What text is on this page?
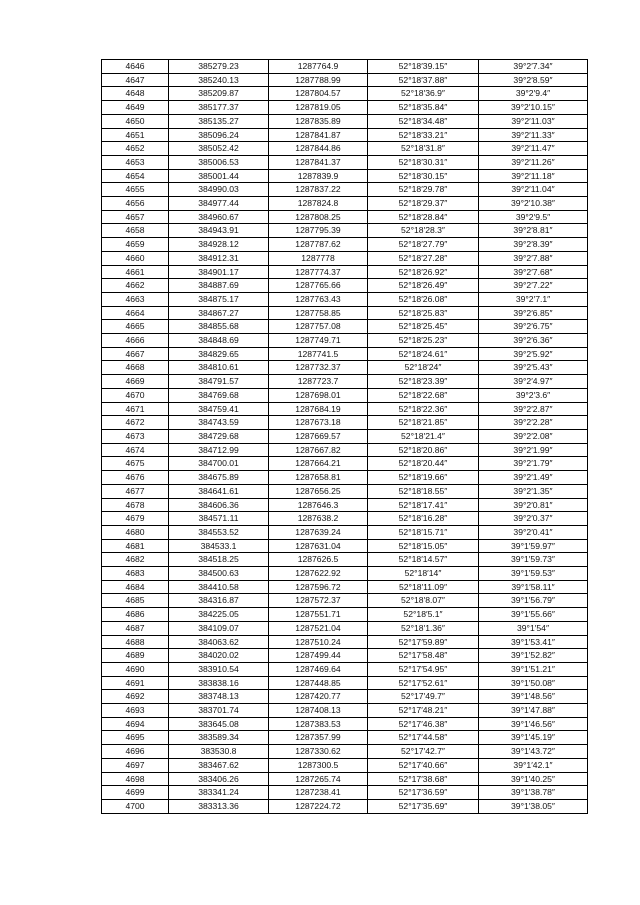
4646	385279.23	1287764.9	52°18′39.15″	39°2′7.34″
4647	385240.13	1287788.99	52°18′37.88″	39°2′8.59″
4648	385209.87	1287804.57	52°18′36.9″	39°2′9.4″
4649	385177.37	1287819.05	52°18′35.84″	39°2′10.15″
4650	385135.27	1287835.89	52°18′34.48″	39°2′11.03″
4651	385096.24	1287841.87	52°18′33.21″	39°2′11.33″
4652	385052.42	1287844.86	52°18′31.8″	39°2′11.47″
4653	385006.53	1287841.37	52°18′30.31″	39°2′11.26″
4654	385001.44	1287839.9	52°18′30.15″	39°2′11.18″
4655	384990.03	1287837.22	52°18′29.78″	39°2′11.04″
4656	384977.44	1287824.8	52°18′29.37″	39°2′10.38″
4657	384960.67	1287808.25	52°18′28.84″	39°2′9.5″
4658	384943.91	1287795.39	52°18′28.3″	39°2′8.81″
4659	384928.12	1287787.62	52°18′27.79″	39°2′8.39″
4660	384912.31	1287778	52°18′27.28″	39°2′7.88″
4661	384901.17	1287774.37	52°18′26.92″	39°2′7.68″
4662	384887.69	1287765.66	52°18′26.49″	39°2′7.22″
4663	384875.17	1287763.43	52°18′26.08″	39°2′7.1″
4664	384867.27	1287758.85	52°18′25.83″	39°2′6.85″
4665	384855.68	1287757.08	52°18′25.45″	39°2′6.75″
4666	384848.69	1287749.71	52°18′25.23″	39°2′6.36″
4667	384829.65	1287741.5	52°18′24.61″	39°2′5.92″
4668	384810.61	1287732.37	52°18′24″	39°2′5.43″
4669	384791.57	1287723.7	52°18′23.39″	39°2′4.97″
4670	384769.68	1287698.01	52°18′22.68″	39°2′3.6″
4671	384759.41	1287684.19	52°18′22.36″	39°2′2.87″
4672	384743.59	1287673.18	52°18′21.85″	39°2′2.28″
4673	384729.68	1287669.57	52°18′21.4″	39°2′2.08″
4674	384712.99	1287667.82	52°18′20.86″	39°2′1.99″
4675	384700.01	1287664.21	52°18′20.44″	39°2′1.79″
4676	384675.89	1287658.81	52°18′19.66″	39°2′1.49″
4677	384641.61	1287656.25	52°18′18.55″	39°2′1.35″
4678	384606.36	1287646.3	52°18′17.41″	39°2′0.81″
4679	384571.11	1287638.2	52°18′16.28″	39°2′0.37″
4680	384553.52	1287639.24	52°18′15.71″	39°2′0.41″
4681	384533.1	1287631.04	52°18′15.05″	39°1′59.97″
4682	384518.25	1287626.5	52°18′14.57″	39°1′59.73″
4683	384500.63	1287622.92	52°18′14″	39°1′59.53″
4684	384410.58	1287596.72	52°18′11.09″	39°1′58.11″
4685	384316.87	1287572.37	52°18′8.07″	39°1′56.79″
4686	384225.05	1287551.71	52°18′5.1″	39°1′55.66″
4687	384109.07	1287521.04	52°18′1.36″	39°1′54″
4688	384063.62	1287510.24	52°17′59.89″	39°1′53.41″
4689	384020.02	1287499.44	52°17′58.48″	39°1′52.82″
4690	383910.54	1287469.64	52°17′54.95″	39°1′51.21″
4691	383838.16	1287448.85	52°17′52.61″	39°1′50.08″
4692	383748.13	1287420.77	52°17′49.7″	39°1′48.56″
4693	383701.74	1287408.13	52°17′48.21″	39°1′47.88″
4694	383645.08	1287383.53	52°17′46.38″	39°1′46.56″
4695	383589.34	1287357.99	52°17′44.58″	39°1′45.19″
4696	383530.8	1287330.62	52°17′42.7″	39°1′43.72″
4697	383467.62	1287300.5	52°17′40.66″	39°1′42.1″
4698	383406.26	1287265.74	52°17′38.68″	39°1′40.25″
4699	383341.24	1287238.41	52°17′36.59″	39°1′38.78″
4700	383313.36	1287224.72	52°17′35.69″	39°1′38.05″
